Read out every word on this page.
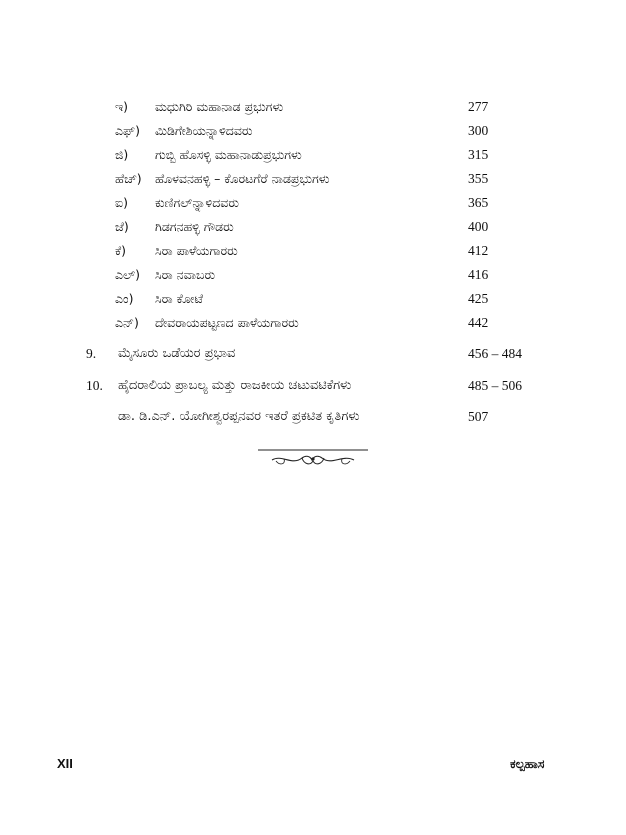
ಇ) ಮಧುಗಿರಿ ಮಹಾನಾಡ ಪ್ರಭುಗಳು	277
ಎಫ್) ಮಿಡಿಗೇಶಿಯನ್ನಾಳಿದವರು	300
ಜಿ) ಗುಬ್ಬಿ ಹೊಸಳ್ಳಿ ಮಹಾನಾಡುಪ್ರಭುಗಳು	315
ಹೆಚ್) ಹೊಳವನಹಳ್ಳಿ – ಕೊರಟಗೆರೆ ನಾಡಪ್ರಭುಗಳು	355
ಐ) ಕುಣಿಗಲ್‌ನ್ನಾಳಿದವರು	365
ಜೆ) ಗಿಡಗನಹಳ್ಳಿ ಗೌಡರು	400
ಕೆ) ಸಿರಾ ಪಾಳೆಯಗಾರರು	412
ಎಲ್) ಸಿರಾ ನವಾಬರು	416
ಎಂ) ಸಿರಾ ಕೋಟೆ	425
ಎನ್) ದೇವರಾಯಪಟ್ಟಣದ ಪಾಳೆಯಗಾರರು	442
9. ಮೈಸೂರು ಒಡೆಯರ ಪ್ರಭಾವ	456 – 484
10. ಹೈದರಾಲಿಯ ಪ್ರಾಬಲ್ಯ ಮತ್ತು ರಾಜಕೀಯ ಚಟುವಟಿಕೆಗಳು	485 – 506
ಡಾ. ಡಿ.ಎನ್. ಯೋಗೀಶ್ವರಪ್ಪನವರ ಇತರೆ ಪ್ರಕಟಿತ ಕೃತಿಗಳು	507
XII	ಕಲ್ಪಹಾಸ
